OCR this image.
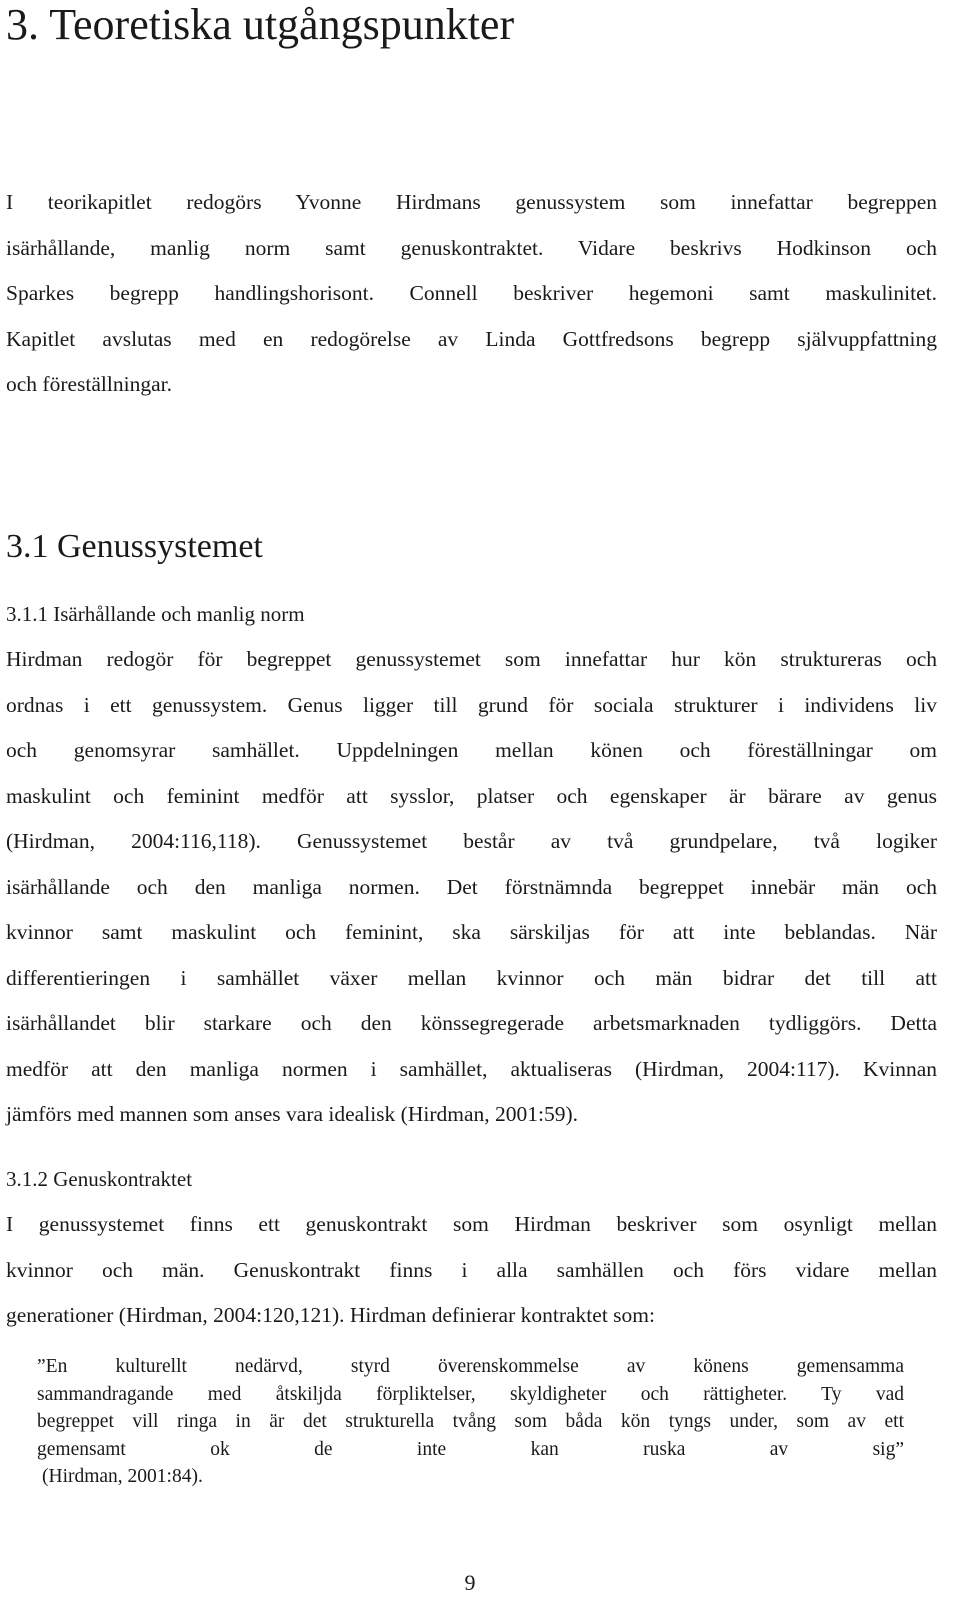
3. Teoretiska utgångspunkter

I teorikapitlet redogörs Yvonne Hirdmans genussystem som innefattar begreppen
isärhållande, manlig norm samt genuskontraktet. Vidare beskrivs Hodkinson och
Sparkes begrepp handlingshorisont. Connell beskriver hegemoni samt maskulinitet.
Kapitlet avslutas med en redogörelse av Linda Gottfredsons begrepp självuppfattning
och föreställningar.

3.1 Genussystemet
3.1.1 Isärhållande och manlig norm

Hirdman redogör för begreppet genussystemet som innefattar hur kön struktureras och
ordnas i ett genussystem. Genus ligger till grund för sociala strukturer i individens liv
och genomsyrar samhället. Uppdelningen mellan könen och föreställningar om
maskulint och feminint medför att sysslor, platser och egenskaper är bärare av genus
(Hirdman, 2004:116,118). Genussystemet består av två grundpelare, två logiker
isärhållande och den manliga normen. Det förstnämnda begreppet innebär män och
kvinnor samt maskulint och feminint, ska särskiljas för att inte beblandas. När
differentieringen i samhället växer mellan kvinnor och män bidrar det till att
isärhållandet blir starkare och den könssegregerade arbetsmarknaden tydliggörs. Detta
medför att den manliga normen i samhället, aktualiseras (Hirdman, 2004:117). Kvinnan
jämförs med mannen som anses vara idealisk (Hirdman, 2001:59).

3.1.2 Genuskontraktet

I genussystemet finns ett genuskontrakt som Hirdman beskriver som osynligt mellan
kvinnor och män. Genuskontrakt finns i alla samhällen och förs vidare mellan
generationer (Hirdman, 2004:120,121). Hirdman definierar kontraktet som:

”En kulturellt nedärvd, styrd överenskommelse av könens gemensamma
sammandragande med åtskiljda förpliktelser, skyldigheter och rättigheter. Ty vad
begreppet vill ringa in är det strukturella tvång som båda kön tyngs under, som av ett
gemensamt ok de inte kan ruska av sig”
(Hirdman, 2001:84).
9
